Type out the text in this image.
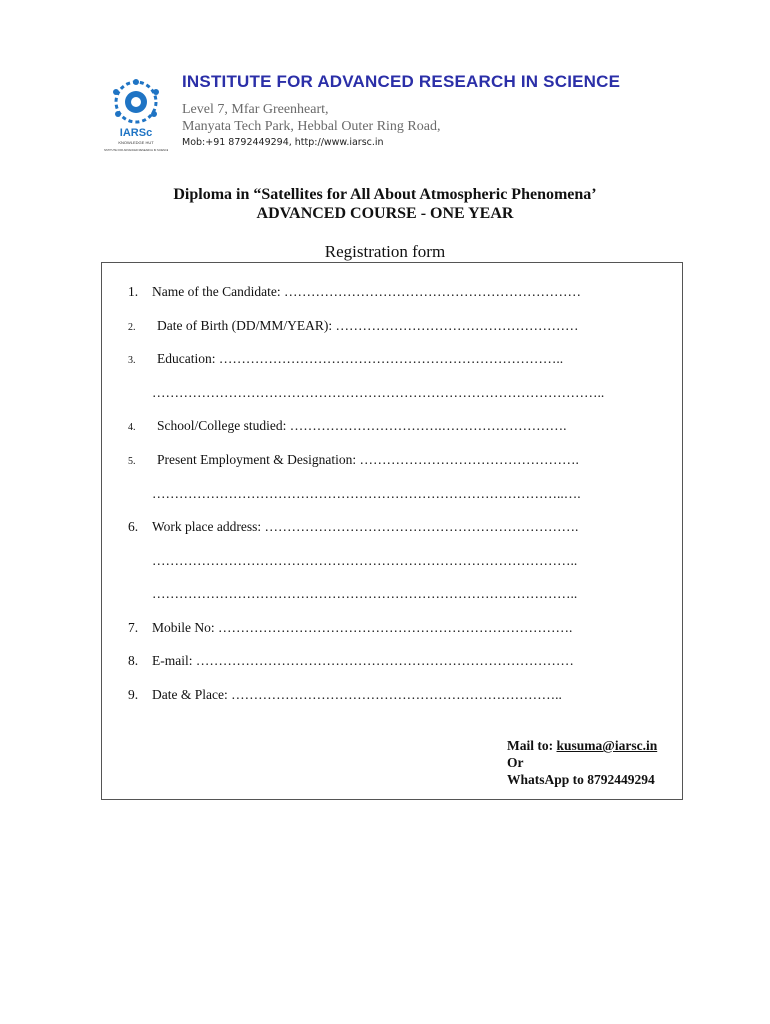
IARSc
KNOWLEDGE HUT
INSTITUTE FOR ADVANCED RESEARCH IN SCIENCE
INSTITUTE FOR ADVANCED RESEARCH IN SCIENCE
Level 7, Mfar Greenheart,
Manyata Tech Park, Hebbal Outer Ring Road,
Mob:+91 8792449294, http://www.iarsc.in
Diploma in “Satellites for All About Atmospheric Phenomena’
ADVANCED COURSE - ONE YEAR
Registration form
1. Name of the Candidate: …………………………………………………………
2. Date of Birth (DD/MM/YEAR): ………………………………………………
3. Education: …………………………………………………………………..
………………………………………………………………………………………..
4. School/College studied: …………………………….……………………….
5. Present Employment & Designation: ………………………………………….
………………………………………………………………………………..….
6. Work place address: …………………………………………………………….
…………………………………………………………………………………..
…………………………………………………………………………………..
7. Mobile No: …………………………………………………………………….
8. E-mail: …………………………………………………………………………
9. Date & Place: ………………………………………………………………..
Mail to: kusuma@iarsc.in
Or
WhatsApp to 8792449294
